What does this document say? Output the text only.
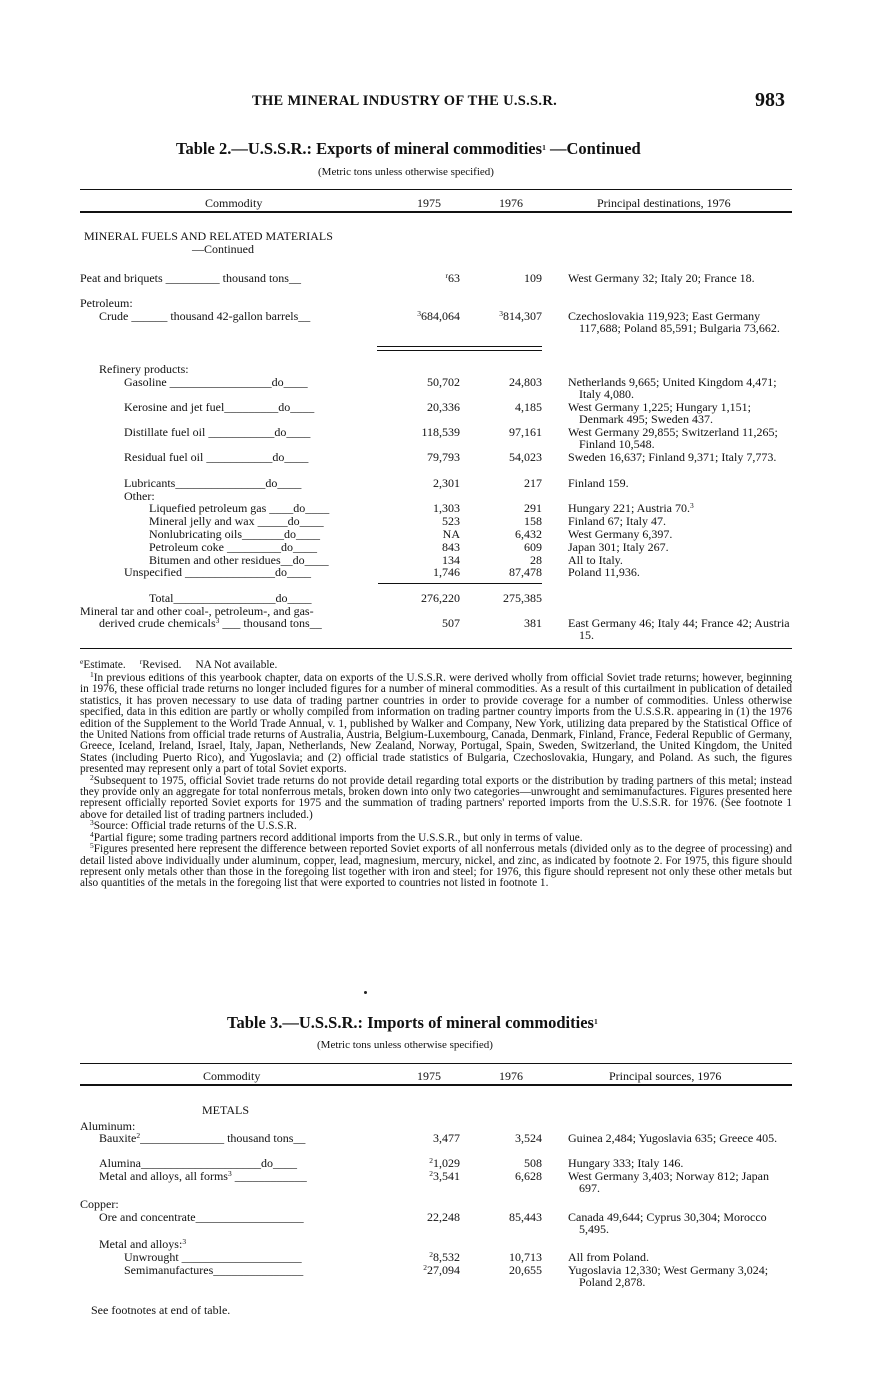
THE MINERAL INDUSTRY OF THE U.S.S.R.	983
Table 2.—U.S.S.R.: Exports of mineral commodities$^1$ —Continued
(Metric tons unless otherwise specified)
Commodity	1975	1976	Principal destinations, 1976
MINERAL FUELS AND RELATED MATERIALS
—Continued
Peat and briquets _________ thousand tons__	$^r$63	109 West Germany 32; Italy 20; France 18.
Petroleum:
Crude ______ thousand 42-gallon barrels__	$^3$684,064	$^3$814,307 Czechoslovakia 119,923; East Germany 117,688; Poland 85,591; Bulgaria 73,662.
Refinery products:
Gasoline _________________do____	50,702	24,803 Netherlands 9,665; United Kingdom 4,471; Italy 4,080.
Kerosine and jet fuel_________do____	20,336	4,185 West Germany 1,225; Hungary 1,151; Denmark 495; Sweden 437.
Distillate fuel oil ___________do____	118,539	97,161 West Germany 29,855; Switzerland 11,265; Finland 10,548.
Residual fuel oil ___________do____	79,793	54,023 Sweden 16,637; Finland 9,371; Italy 7,773.
Lubricants_______________do____	2,301	217 Finland 159.
Other:
Liquefied petroleum gas ____do____	1,303	291 Hungary 221; Austria 70.$^3$
Mineral jelly and wax _____do____	523	158 Finland 67; Italy 47.
Nonlubricating oils_______do____	NA	6,432 West Germany 6,397.
Petroleum coke _________do____	843	609 Japan 301; Italy 267.
Bitumen and other residues__do____	134	28 All to Italy.
Unspecified _______________do____	1,746	87,478 Poland 11,936.
Total_________________do____	276,220	275,385
Mineral tar and other coal-, petroleum-, and gas-
derived crude chemicals$^3$ ___ thousand tons__	507	381 East Germany 46; Italy 44; France 42; Austria 15.
$^e$Estimate. $^r$Revised. NA Not available.
$^1$In previous editions of this yearbook chapter, data on exports of the U.S.S.R. were derived wholly from official Soviet trade returns; however, beginning in 1976, these official trade returns no longer included figures for a number of mineral commodities. As a result of this curtailment in publication of detailed statistics, it has proven necessary to use data of trading partner countries in order to provide coverage for a number of commodities. Unless otherwise specified, data in this edition are partly or wholly compiled from information on trading partner country imports from the U.S.S.R. appearing in (1) the 1976 edition of the Supplement to the World Trade Annual, v. 1, published by Walker and Company, New York, utilizing data prepared by the Statistical Office of the United Nations from official trade returns of Australia, Austria, Belgium-Luxembourg, Canada, Denmark, Finland, France, Federal Republic of Germany, Greece, Iceland, Ireland, Israel, Italy, Japan, Netherlands, New Zealand, Norway, Portugal, Spain, Sweden, Switzerland, the United Kingdom, the United States (including Puerto Rico), and Yugoslavia; and (2) official trade statistics of Bulgaria, Czechoslovakia, Hungary, and Poland. As such, the figures presented may represent only a part of total Soviet exports.
$^2$Subsequent to 1975, official Soviet trade returns do not provide detail regarding total exports or the distribution by trading partners of this metal; instead they provide only an aggregate for total nonferrous metals, broken down into only two categories—unwrought and semimanufactures. Figures presented here represent officially reported Soviet exports for 1975 and the summation of trading partners' reported imports from the U.S.S.R. for 1976. (See footnote 1 above for detailed list of trading partners included.)
$^3$Source: Official trade returns of the U.S.S.R.
$^4$Partial figure; some trading partners record additional imports from the U.S.S.R., but only in terms of value.
$^5$Figures presented here represent the difference between reported Soviet exports of all nonferrous metals (divided only as to the degree of processing) and detail listed above individually under aluminum, copper, lead, magnesium, mercury, nickel, and zinc, as indicated by footnote 2. For 1975, this figure should represent only metals other than those in the foregoing list together with iron and steel; for 1976, this figure should represent not only these other metals but also quantities of the metals in the foregoing list that were exported to countries not listed in footnote 1.
Table 3.—U.S.S.R.: Imports of mineral commodities$^1$
(Metric tons unless otherwise specified)
Commodity	1975	1976	Principal sources, 1976
METALS
Aluminum:
Bauxite$^2$______________ thousand tons__	3,477	3,524 Guinea 2,484; Yugoslavia 635; Greece 405.
Alumina____________________do____	$^2$1,029	508 Hungary 333; Italy 146.
Metal and alloys, all forms$^3$ ____________	$^2$3,541	6,628 West Germany 3,403; Norway 812; Japan 697.
Copper:
Ore and concentrate__________________	22,248	85,443 Canada 49,644; Cyprus 30,304; Morocco 5,495.
Metal and alloys:$^3$
Unwrought ____________________	$^2$8,532	10,713 All from Poland.
Semimanufactures_______________	$^2$27,094	20,655 Yugoslavia 12,330; West Germany 3,024; Poland 2,878.
See footnotes at end of table.
